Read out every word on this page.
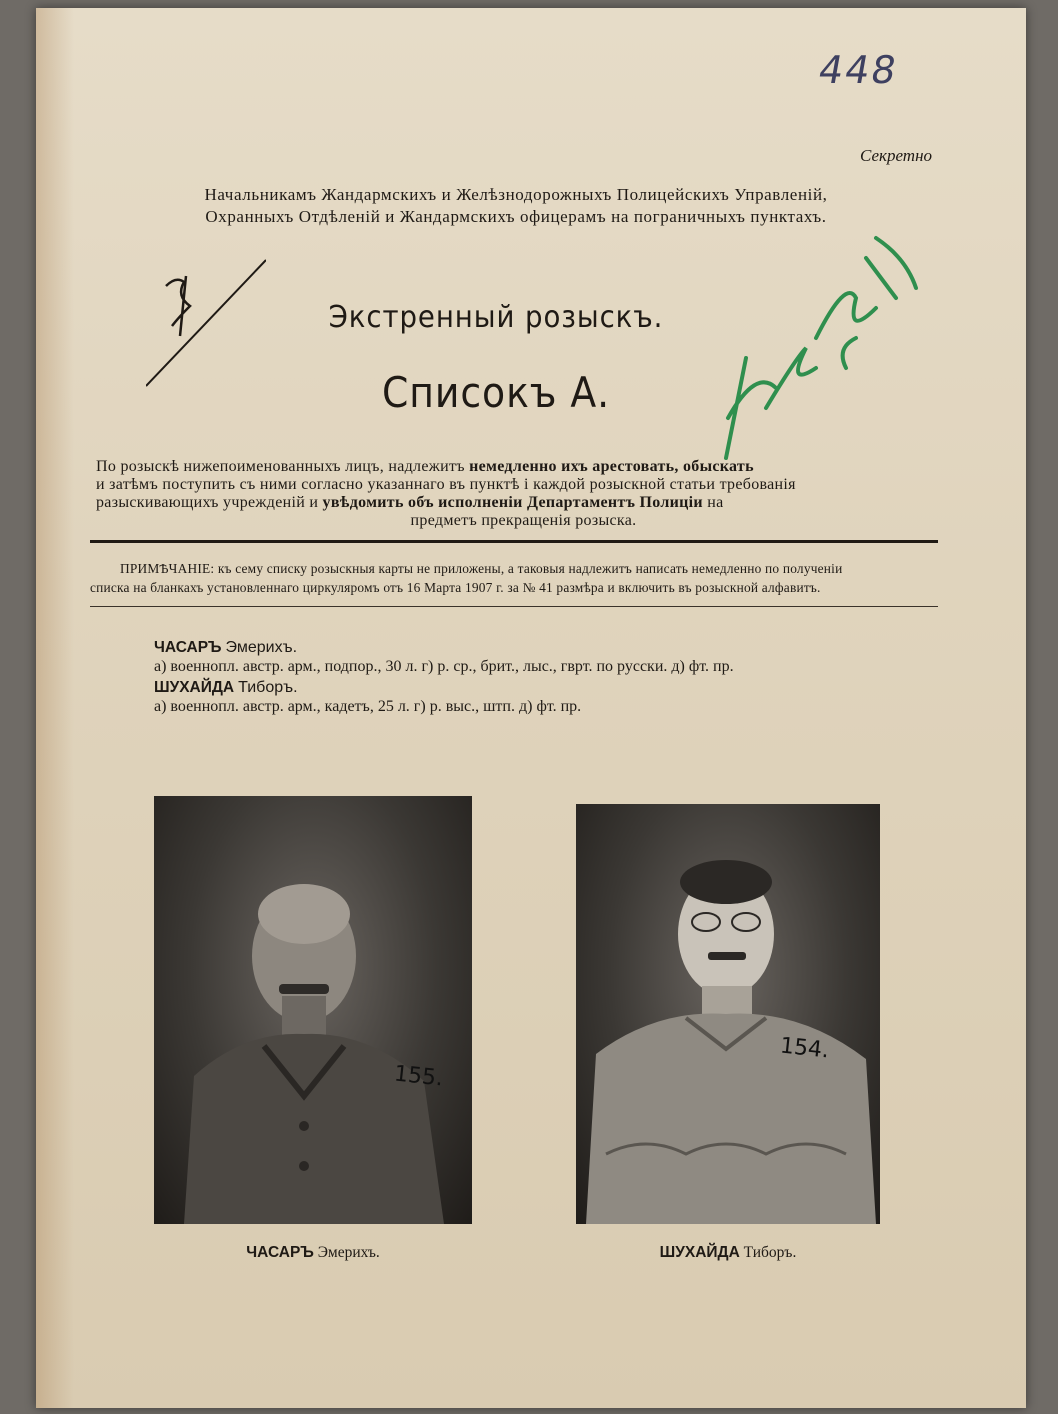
448
Секретно
Начальникамъ Жандармскихъ и Желѣзнодорожныхъ Полицейскихъ Управленій,
Охранныхъ Отдѣленій и Жандармскихъ офицерамъ на пограничныхъ пунктахъ.
Экстренный розыскъ.
Списокъ А.
По розыскѣ нижепоименованныхъ лицъ, надлежитъ немедленно ихъ арестовать, обыскать
и затѣмъ поступить съ ними согласно указаннаго въ пунктѣ і каждой розыскной статьи требованія
разыскивающихъ учрежденій и увѣдомить объ исполненіи Департаментъ Полиціи на
предметъ прекращенія розыска.
ПРИМѢЧАНІЕ: къ сему списку розыскныя карты не приложены, а таковыя надлежитъ написать немедленно по полученіи
списка на бланкахъ установленнаго циркуляромъ отъ 16 Марта 1907 г. за № 41 размѣра и включить въ розыскной алфавитъ.
ЧАСАРЪ Эмерихъ.
а) военнопл. австр. арм., подпор., 30 л. г) р. ср., брит., лыс., гврт. по русски. д) фт. пр.
ШУХАЙДА Тиборъ.
а) военнопл. австр. арм., кадетъ, 25 л. г) р. выс., штп. д) фт. пр.
155.
154.
ЧАСАРЪ Эмерихъ.	ШУХАЙДА Тиборъ.
